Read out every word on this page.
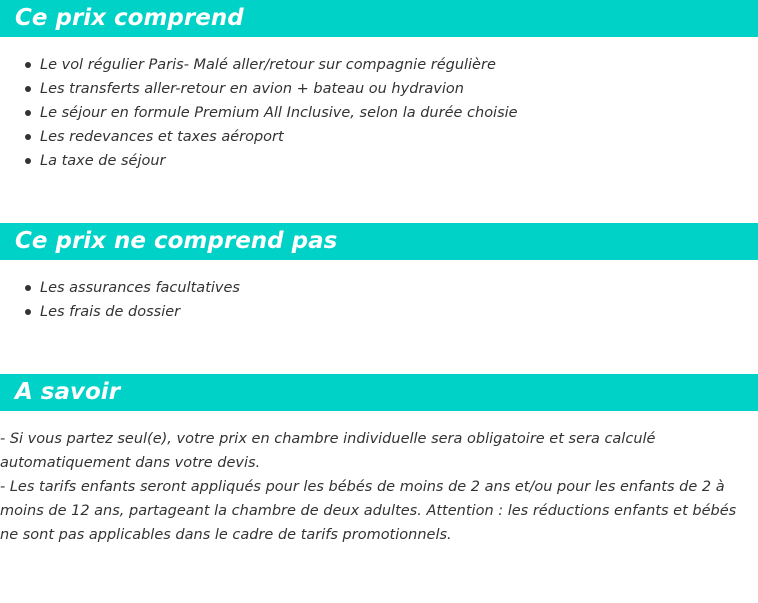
Ce prix comprend
Le vol régulier Paris- Malé aller/retour sur compagnie régulière
Les transferts aller-retour en avion + bateau ou hydravion
Le séjour en formule Premium All Inclusive, selon la durée choisie
Les redevances et taxes aéroport
La taxe de séjour
Ce prix ne comprend pas
Les assurances facultatives
Les frais de dossier
A savoir
- Si vous partez seul(e), votre prix en chambre individuelle sera obligatoire et sera calculé automatiquement dans votre devis.
- Les tarifs enfants seront appliqués pour les bébés de moins de 2 ans et/ou pour les enfants de 2 à moins de 12 ans, partageant la chambre de deux adultes. Attention : les réductions enfants et bébés ne sont pas applicables dans le cadre de tarifs promotionnels.
